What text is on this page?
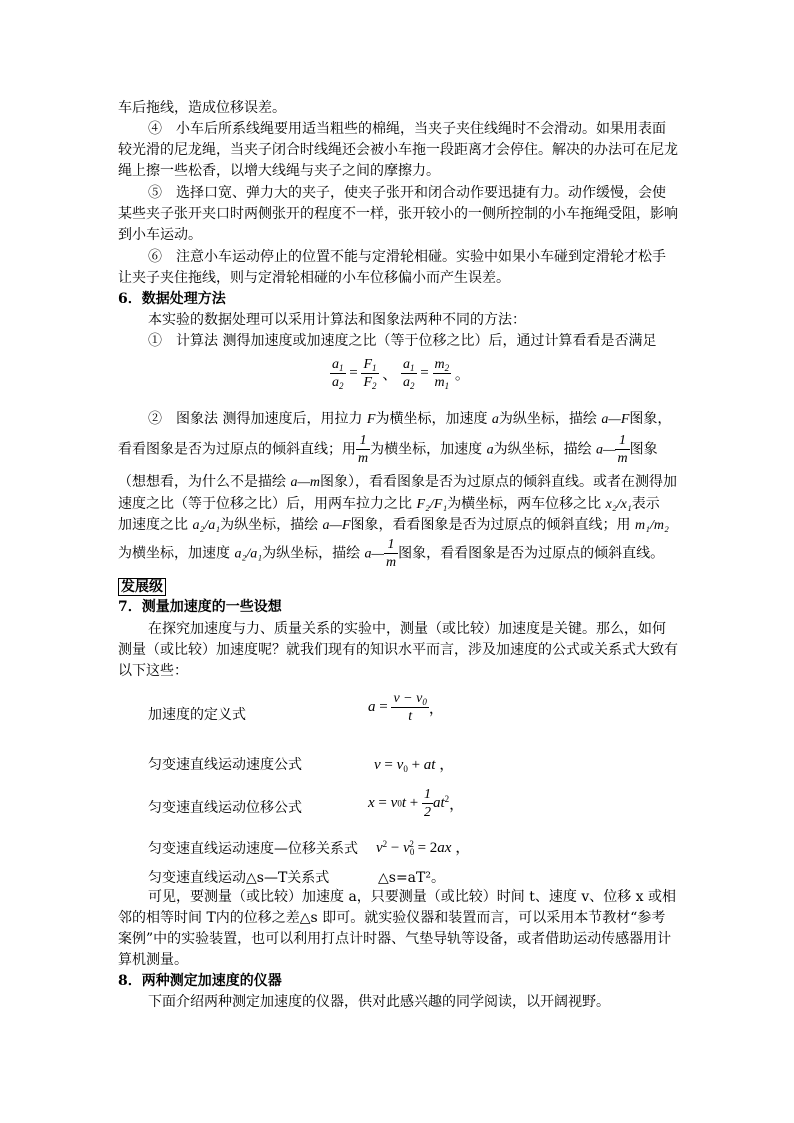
车后拖线，造成位移误差。
④　小车后所系线绳要用适当粗些的棉绳，当夹子夹住线绳时不会滑动。如果用表面
较光滑的尼龙绳，当夹子闭合时线绳还会被小车拖一段距离才会停住。解决的办法可在尼龙
绳上擦一些松香，以增大线绳与夹子之间的摩擦力。
⑤　选择口宽、弹力大的夹子，使夹子张开和闭合动作要迅捷有力。动作缓慢，会使
某些夹子张开夹口时两侧张开的程度不一样，张开较小的一侧所控制的小车拖绳受阻，影响
到小车运动。
⑥　注意小车运动停止的位置不能与定滑轮相碰。实验中如果小车碰到定滑轮才松手
让夹子夹住拖线，则与定滑轮相碰的小车位移偏小而产生误差。
6．数据处理方法
本实验的数据处理可以采用计算法和图象法两种不同的方法：
①　计算法 测得加速度或加速度之比（等于位移之比）后，通过计算看看是否满足
$\frac{a_1}{a_2} = \frac{F_1}{F_2}$ 、 $\frac{a_1}{a_2} = \frac{m_2}{m_1}$ 。
②　图象法 测得加速度后，用拉力 F为横坐标，加速度 a为纵坐标，描绘 a—F图象，
看看图象是否为过原点的倾斜直线；用 $\frac{1}{m}$ 为横坐标，加速度 a为纵坐标，描绘 a— $\frac{1}{m}$ 图象
（想想看，为什么不是描绘 a—m图象），看看图象是否为过原点的倾斜直线。或者在测得加
速度之比（等于位移之比）后，用两车拉力之比 F₂/F₁为横坐标，两车位移之比 x₂/x₁表示
加速度之比 a₂/a₁为纵坐标，描绘 a—F图象，看看图象是否为过原点的倾斜直线；用 m₁/m₂
为横坐标，加速度 a₂/a₁为纵坐标，描绘 a— $\frac{1}{m}$ 图象，看看图象是否为过原点的倾斜直线。
发展级
7．测量加速度的一些设想
在探究加速度与力、质量关系的实验中，测量（或比较）加速度是关键。那么，如何
测量（或比较）加速度呢？就我们现有的知识水平而言，涉及加速度的公式或关系式大致有
以下这些：
加速度的定义式	$a = \frac{v - v_0}{t}$ ，
匀变速直线运动速度公式	$v = v_0$ + at ，
匀变速直线运动位移公式	$x = v0t + \frac{1}{2} at^2$，
匀变速直线运动速度—位移关系式 $v^2 - v_0^2 = 2ax$ ，
匀变速直线运动△s—T关系式	△s=aT²。
可见，要测量（或比较）加速度 a，只要测量（或比较）时间 t、速度 v、位移 x 或相
邻的相等时间 T内的位移之差△s 即可。就实验仪器和装置而言，可以采用本节教材“参考
案例”中的实验装置，也可以利用打点计时器、气垫导轨等设备，或者借助运动传感器用计
算机测量。
8．两种测定加速度的仪器
下面介绍两种测定加速度的仪器，供对此感兴趣的同学阅读，以开阔视野。
